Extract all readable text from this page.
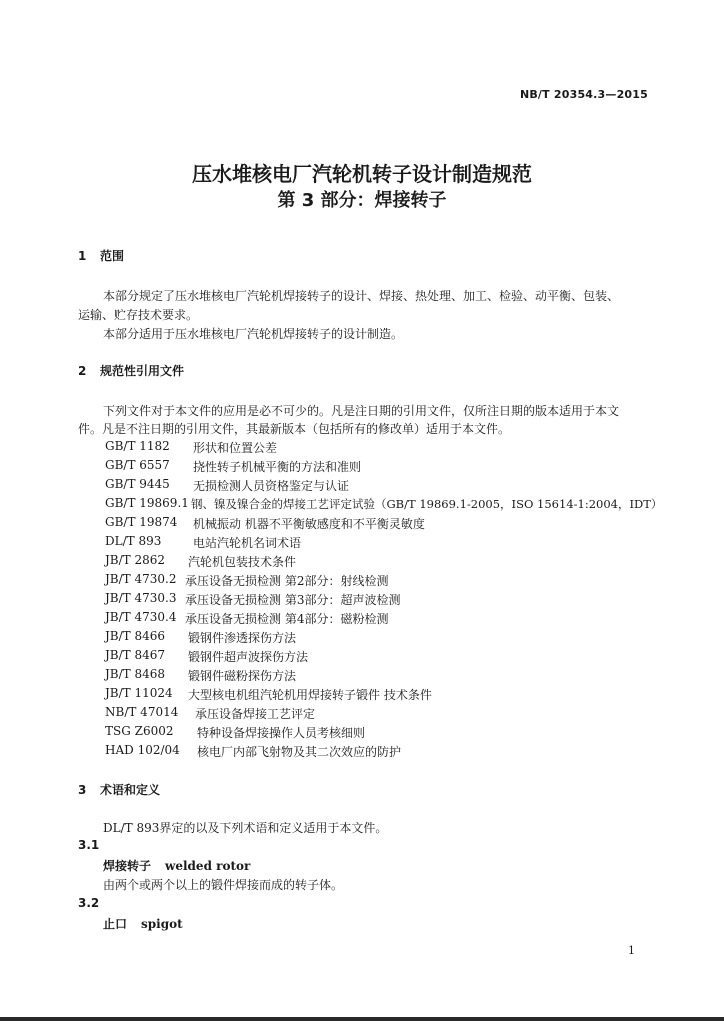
NB/T 20354.3—2015
压水堆核电厂汽轮机转子设计制造规范
第 3 部分：焊接转子
1 范围
本部分规定了压水堆核电厂汽轮机焊接转子的设计、焊接、热处理、加工、检验、动平衡、包装、
运输、贮存技术要求。
本部分适用于压水堆核电厂汽轮机焊接转子的设计制造。
2 规范性引用文件
下列文件对于本文件的应用是必不可少的。凡是注日期的引用文件，仅所注日期的版本适用于本文
件。凡是不注日期的引用文件，其最新版本（包括所有的修改单）适用于本文件。
GB/T 1182 形状和位置公差
GB/T 6557 挠性转子机械平衡的方法和准则
GB/T 9445 无损检测人员资格鉴定与认证
GB/T 19869.1 钢、镍及镍合金的焊接工艺评定试验（GB/T 19869.1-2005，ISO 15614-1:2004，IDT）
GB/T 19874 机械振动 机器不平衡敏感度和不平衡灵敏度
DL/T 893	电站汽轮机名词术语
JB/T 2862 汽轮机包装技术条件
JB/T 4730.2 承压设备无损检测 第2部分：射线检测
JB/T 4730.3 承压设备无损检测 第3部分：超声波检测
JB/T 4730.4 承压设备无损检测 第4部分：磁粉检测
JB/T 8466 锻钢件渗透探伤方法
JB/T 8467 锻钢件超声波探伤方法
JB/T 8468 锻钢件磁粉探伤方法
JB/T 11024 大型核电机组汽轮机用焊接转子锻件 技术条件
NB/T 47014 承压设备焊接工艺评定
TSG Z6002 特种设备焊接操作人员考核细则
HAD 102/04 核电厂内部飞射物及其二次效应的防护
3 术语和定义
DL/T 893界定的以及下列术语和定义适用于本文件。
3.1
焊接转子 welded rotor
由两个或两个以上的锻件焊接而成的转子体。
3.2
止口 spigot
1
